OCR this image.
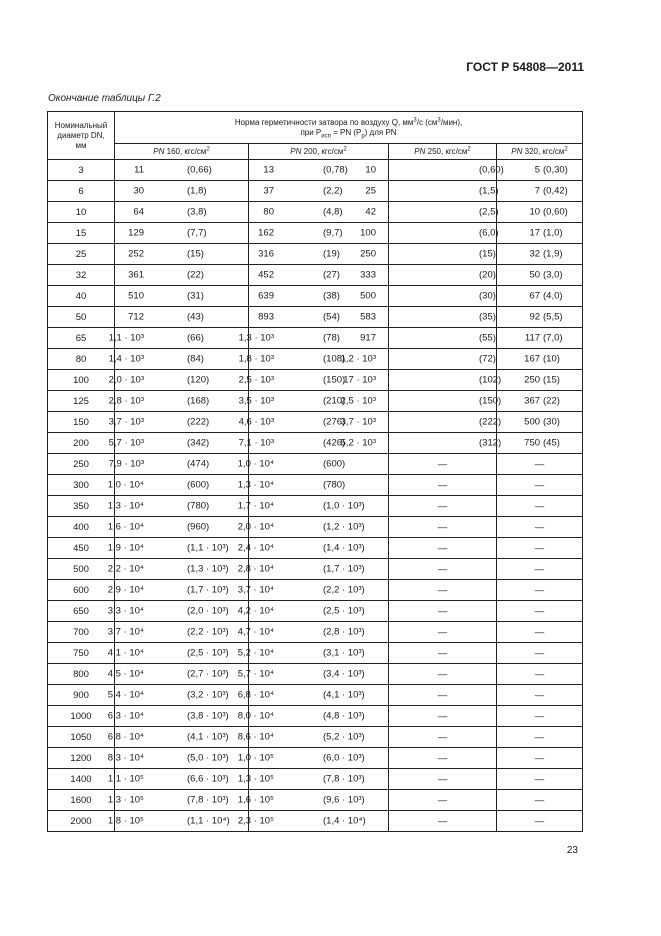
ГОСТ Р 54808—2011
Окончание таблицы Г.2
Номинальный
диаметр DN,
мм	Норма герметичности затвора по воздуху Q, $мм^3/с$ $(см^3/мин)$,
при $P_{исп}$ = PN $(P_р)$ для PN			
	PN 160, кгс/$см^2$	PN 200, кгс/$см^2$	PN 250, кгс/$см^2$	PN 320, кгс/$см^2$
3	11 (0,66)	13 (0,78)	10 (0,60)	5 (0,30)

6	30 (1,8)	37 (2,2)	25 (1,5)	7 (0,42)

10	64 (3,8)	80 (4,8)	42 (2,5)	10 (0,60)

15	129 (7,7)	162 (9,7)	100 (6,0)	17 (1,0)

25	252 (15)	316 (19)	250 (15)	32 (1,9)

32	361 (22)	452 (27)	333 (20)	50 (3,0)

40	510 (31)	639 (38)	500 (30)	67 (4,0)

50	712 (43)	893 (54)	583 (35)	92 (5,5)

65	1,1 · 10³ (66)	1,3 · 10³ (78)	917 (55)	117 (7,0)

80	1,4 · 10³ (84)	1,8 · 10³ (108)	1,2 · 10³ (72)	167 (10)

100	2,0 · 10³ (120)	2,5 · 10³ (150)	17 · 10³ (102)	250 (15)

125	2,8 · 10³ (168)	3,5 · 10³ (210)	2,5 · 10³ (150)	367 (22)

150	3,7 · 10³ (222)	4,6 · 10³ (276)	3,7 · 10³ (222)	500 (30)

200	5,7 · 10³ (342)	7,1 · 10³ (426)	5,2 · 10³ (312)	750 (45)

250	7,9 · 10³ (474)	1,0 · 10⁴ (600)	—	—
300	1,0 · 10⁴ (600)	1,3 · 10⁴ (780)	—	—
350	1,3 · 10⁴ (780)	1,7 · 10⁴ (1,0 · 10³)	—	—
400	1,6 · 10⁴ (960)	2,0 · 10⁴ (1,2 · 10³)	—	—
450	1,9 · 10⁴ (1,1 · 10³)	2,4 · 10⁴ (1,4 · 10³)	—	—
500	2,2 · 10⁴ (1,3 · 10³)	2,8 · 10⁴ (1,7 · 10³)	—	—
600	2,9 · 10⁴ (1,7 · 10³)	3,7 · 10⁴ (2,2 · 10³)	—	—
650	3,3 · 10⁴ (2,0 · 10³)	4,2 · 10⁴ (2,5 · 10³)	—	—
700	3,7 · 10⁴ (2,2 · 10³)	4,7 · 10⁴ (2,8 · 10³)	—	—
750	4,1 · 10⁴ (2,5 · 10³)	5,2 · 10⁴ (3,1 · 10³)	—	—
800	4,5 · 10⁴ (2,7 · 10³)	5,7 · 10⁴ (3,4 · 10³)	—	—
900	5,4 · 10⁴ (3,2 · 10³)	6,8 · 10⁴ (4,1 · 10³)	—	—
1000	6,3 · 10⁴ (3,8 · 10³)	8,0 · 10⁴ (4,8 · 10³)	—	—
1050	6,8 · 10⁴ (4,1 · 10³)	8,6 · 10⁴ (5,2 · 10³)	—	—
1200	8,3 · 10⁴ (5,0 · 10³)	1,0 · 10⁵ (6,0 · 10³)	—	—
1400	1,1 · 10⁵ (6,6 · 10³)	1,3 · 10⁵ (7,8 · 10³)	—	—
1600	1,3 · 10⁵ (7,8 · 10³)	1,6 · 10⁵ (9,6 · 10³)	—	—
2000	1,8 · 10⁵ (1,1 · 10⁴)	2,3 · 10⁵ (1,4 · 10⁴)	—	—
23
